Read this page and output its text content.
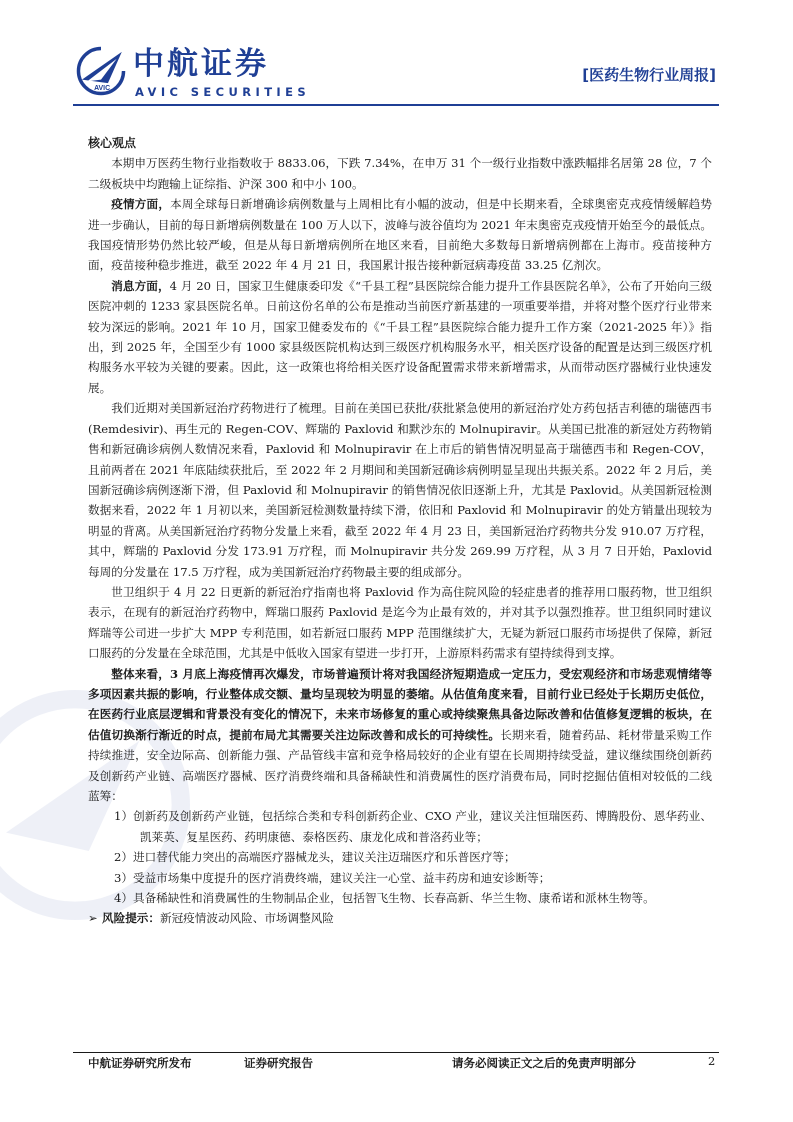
AVIC
中航证券
AVIC SECURITIES
[医药生物行业周报]
核心观点

本期申万医药生物行业指数收于 8833.06，下跌 7.34%，在申万 31 个一级行业指数中涨跌幅排名居第 28 位，7 个二级板块中均跑输上证综指、沪深 300 和中小 100。

疫情方面，本周全球每日新增确诊病例数量与上周相比有小幅的波动，但是中长期来看，全球奥密克戎疫情缓解趋势进一步确认，目前的每日新增病例数量在 100 万人以下，波峰与波谷值均为 2021 年末奥密克戎疫情开始至今的最低点。我国疫情形势仍然比较严峻，但是从每日新增病例所在地区来看，目前绝大多数每日新增病例都在上海市。疫苗接种方面，疫苗接种稳步推进，截至 2022 年 4 月 21 日，我国累计报告接种新冠病毒疫苗 33.25 亿剂次。

消息方面，4 月 20 日，国家卫生健康委印发《“千县工程”县医院综合能力提升工作县医院名单》，公布了开始向三级医院冲刺的 1233 家县医院名单。日前这份名单的公布是推动当前医疗新基建的一项重要举措，并将对整个医疗行业带来较为深远的影响。2021 年 10 月，国家卫健委发布的《“千县工程”县医院综合能力提升工作方案（2021-2025 年）》指出，到 2025 年，全国至少有 1000 家县级医院机构达到三级医疗机构服务水平，相关医疗设备的配置是达到三级医疗机构服务水平较为关键的要素。因此，这一政策也将给相关医疗设备配置需求带来新增需求，从而带动医疗器械行业快速发展。

我们近期对美国新冠治疗药物进行了梳理。目前在美国已获批/获批紧急使用的新冠治疗处方药包括吉利德的瑞德西韦(Remdesivir)、再生元的 Regen-COV、辉瑞的 Paxlovid 和默沙东的 Molnupiravir。从美国已批准的新冠处方药物销售和新冠确诊病例人数情况来看，Paxlovid 和 Molnupiravir 在上市后的销售情况明显高于瑞德西韦和 Regen-COV，且前两者在 2021 年底陆续获批后，至 2022 年 2 月期间和美国新冠确诊病例明显呈现出共振关系。2022 年 2 月后，美国新冠确诊病例逐渐下滑，但 Paxlovid 和 Molnupiravir 的销售情况依旧逐渐上升，尤其是 Paxlovid。从美国新冠检测数据来看，2022 年 1 月初以来，美国新冠检测数量持续下滑，依旧和 Paxlovid 和 Molnupiravir 的处方销量出现较为明显的背离。从美国新冠治疗药物分发量上来看，截至 2022 年 4 月 23 日，美国新冠治疗药物共分发 910.07 万疗程，其中，辉瑞的 Paxlovid 分发 173.91 万疗程，而 Molnupiravir 共分发 269.99 万疗程，从 3 月 7 日开始，Paxlovid 每周的分发量在 17.5 万疗程，成为美国新冠治疗药物最主要的组成部分。

世卫组织于 4 月 22 日更新的新冠治疗指南也将 Paxlovid 作为高住院风险的轻症患者的推荐用口服药物，世卫组织表示，在现有的新冠治疗药物中，辉瑞口服药 Paxlovid 是迄今为止最有效的，并对其予以强烈推荐。世卫组织同时建议辉瑞等公司进一步扩大 MPP 专利范围，如若新冠口服药 MPP 范围继续扩大，无疑为新冠口服药市场提供了保障，新冠口服药的分发量在全球范围，尤其是中低收入国家有望进一步打开，上游原料药需求有望持续得到支撑。

整体来看，3 月底上海疫情再次爆发，市场普遍预计将对我国经济短期造成一定压力，受宏观经济和市场悲观情绪等多项因素共振的影响，行业整体成交额、量均呈现较为明显的萎缩。从估值角度来看，目前行业已经处于长期历史低位，在医药行业底层逻辑和背景没有变化的情况下，未来市场修复的重心或持续聚焦具备边际改善和估值修复逻辑的板块，在估值切换渐行渐近的时点，提前布局尤其需要关注边际改善和成长的可持续性。长期来看，随着药品、耗材带量采购工作持续推进，安全边际高、创新能力强、产品管线丰富和竞争格局较好的企业有望在长周期持续受益，建议继续围绕创新药及创新药产业链、高端医疗器械、医疗消费终端和具备稀缺性和消费属性的医疗消费布局，同时挖掘估值相对较低的二线蓝筹：

1）创新药及创新药产业链，包括综合类和专科创新药企业、CXO 产业，建议关注恒瑞医药、博腾股份、恩华药业、凯莱英、复星医药、药明康德、泰格医药、康龙化成和普洛药业等；
2）进口替代能力突出的高端医疗器械龙头，建议关注迈瑞医疗和乐普医疗等；
3）受益市场集中度提升的医疗消费终端，建议关注一心堂、益丰药房和迪安诊断等；
4）具备稀缺性和消费属性的生物制品企业，包括智飞生物、长春高新、华兰生物、康希诺和派林生物等。
➢ 风险提示：新冠疫情波动风险、市场调整风险
中航证券研究所发布	证券研究报告	请务必阅读正文之后的免责声明部分	2
